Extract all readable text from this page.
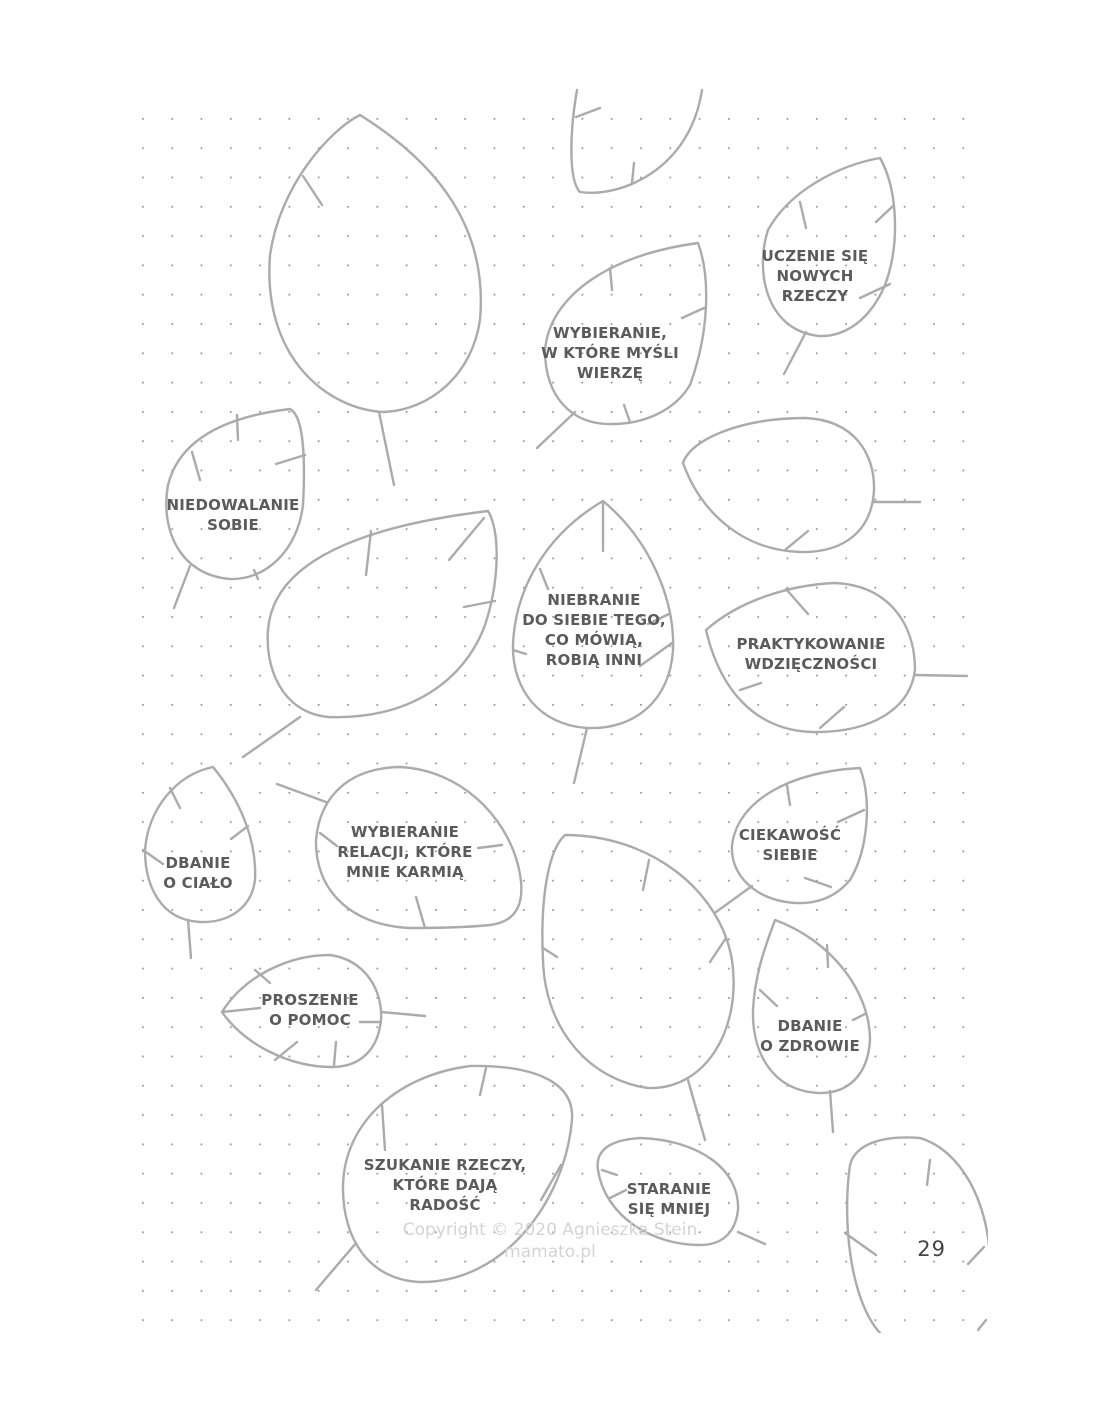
UCZENIE SIĘ
NOWYCH
RZECZY
WYBIERANIE,
W KTÓRE MYŚLI
WIERZĘ
NIEDOWALANIE
SOBIE
NIEBRANIE
DO SIEBIE TEGO,
CO MÓWIĄ,
ROBIĄ INNI
PRAKTYKOWANIE
WDZIĘCZNOŚCI
DBANIE
O CIAŁO
WYBIERANIE
RELACJI, KTÓRE
MNIE KARMIĄ
CIEKAWOŚĆ
SIEBIE
PROSZENIE
O POMOC	DBANIE
O ZDROWIE
SZUKANIE RZECZY,
KTÓRE DAJĄ
RADOŚĆ
STARANIE
SIĘ MNIEJ
Copyright © 2020 Agnieszka Stein
mamato.pl	29
